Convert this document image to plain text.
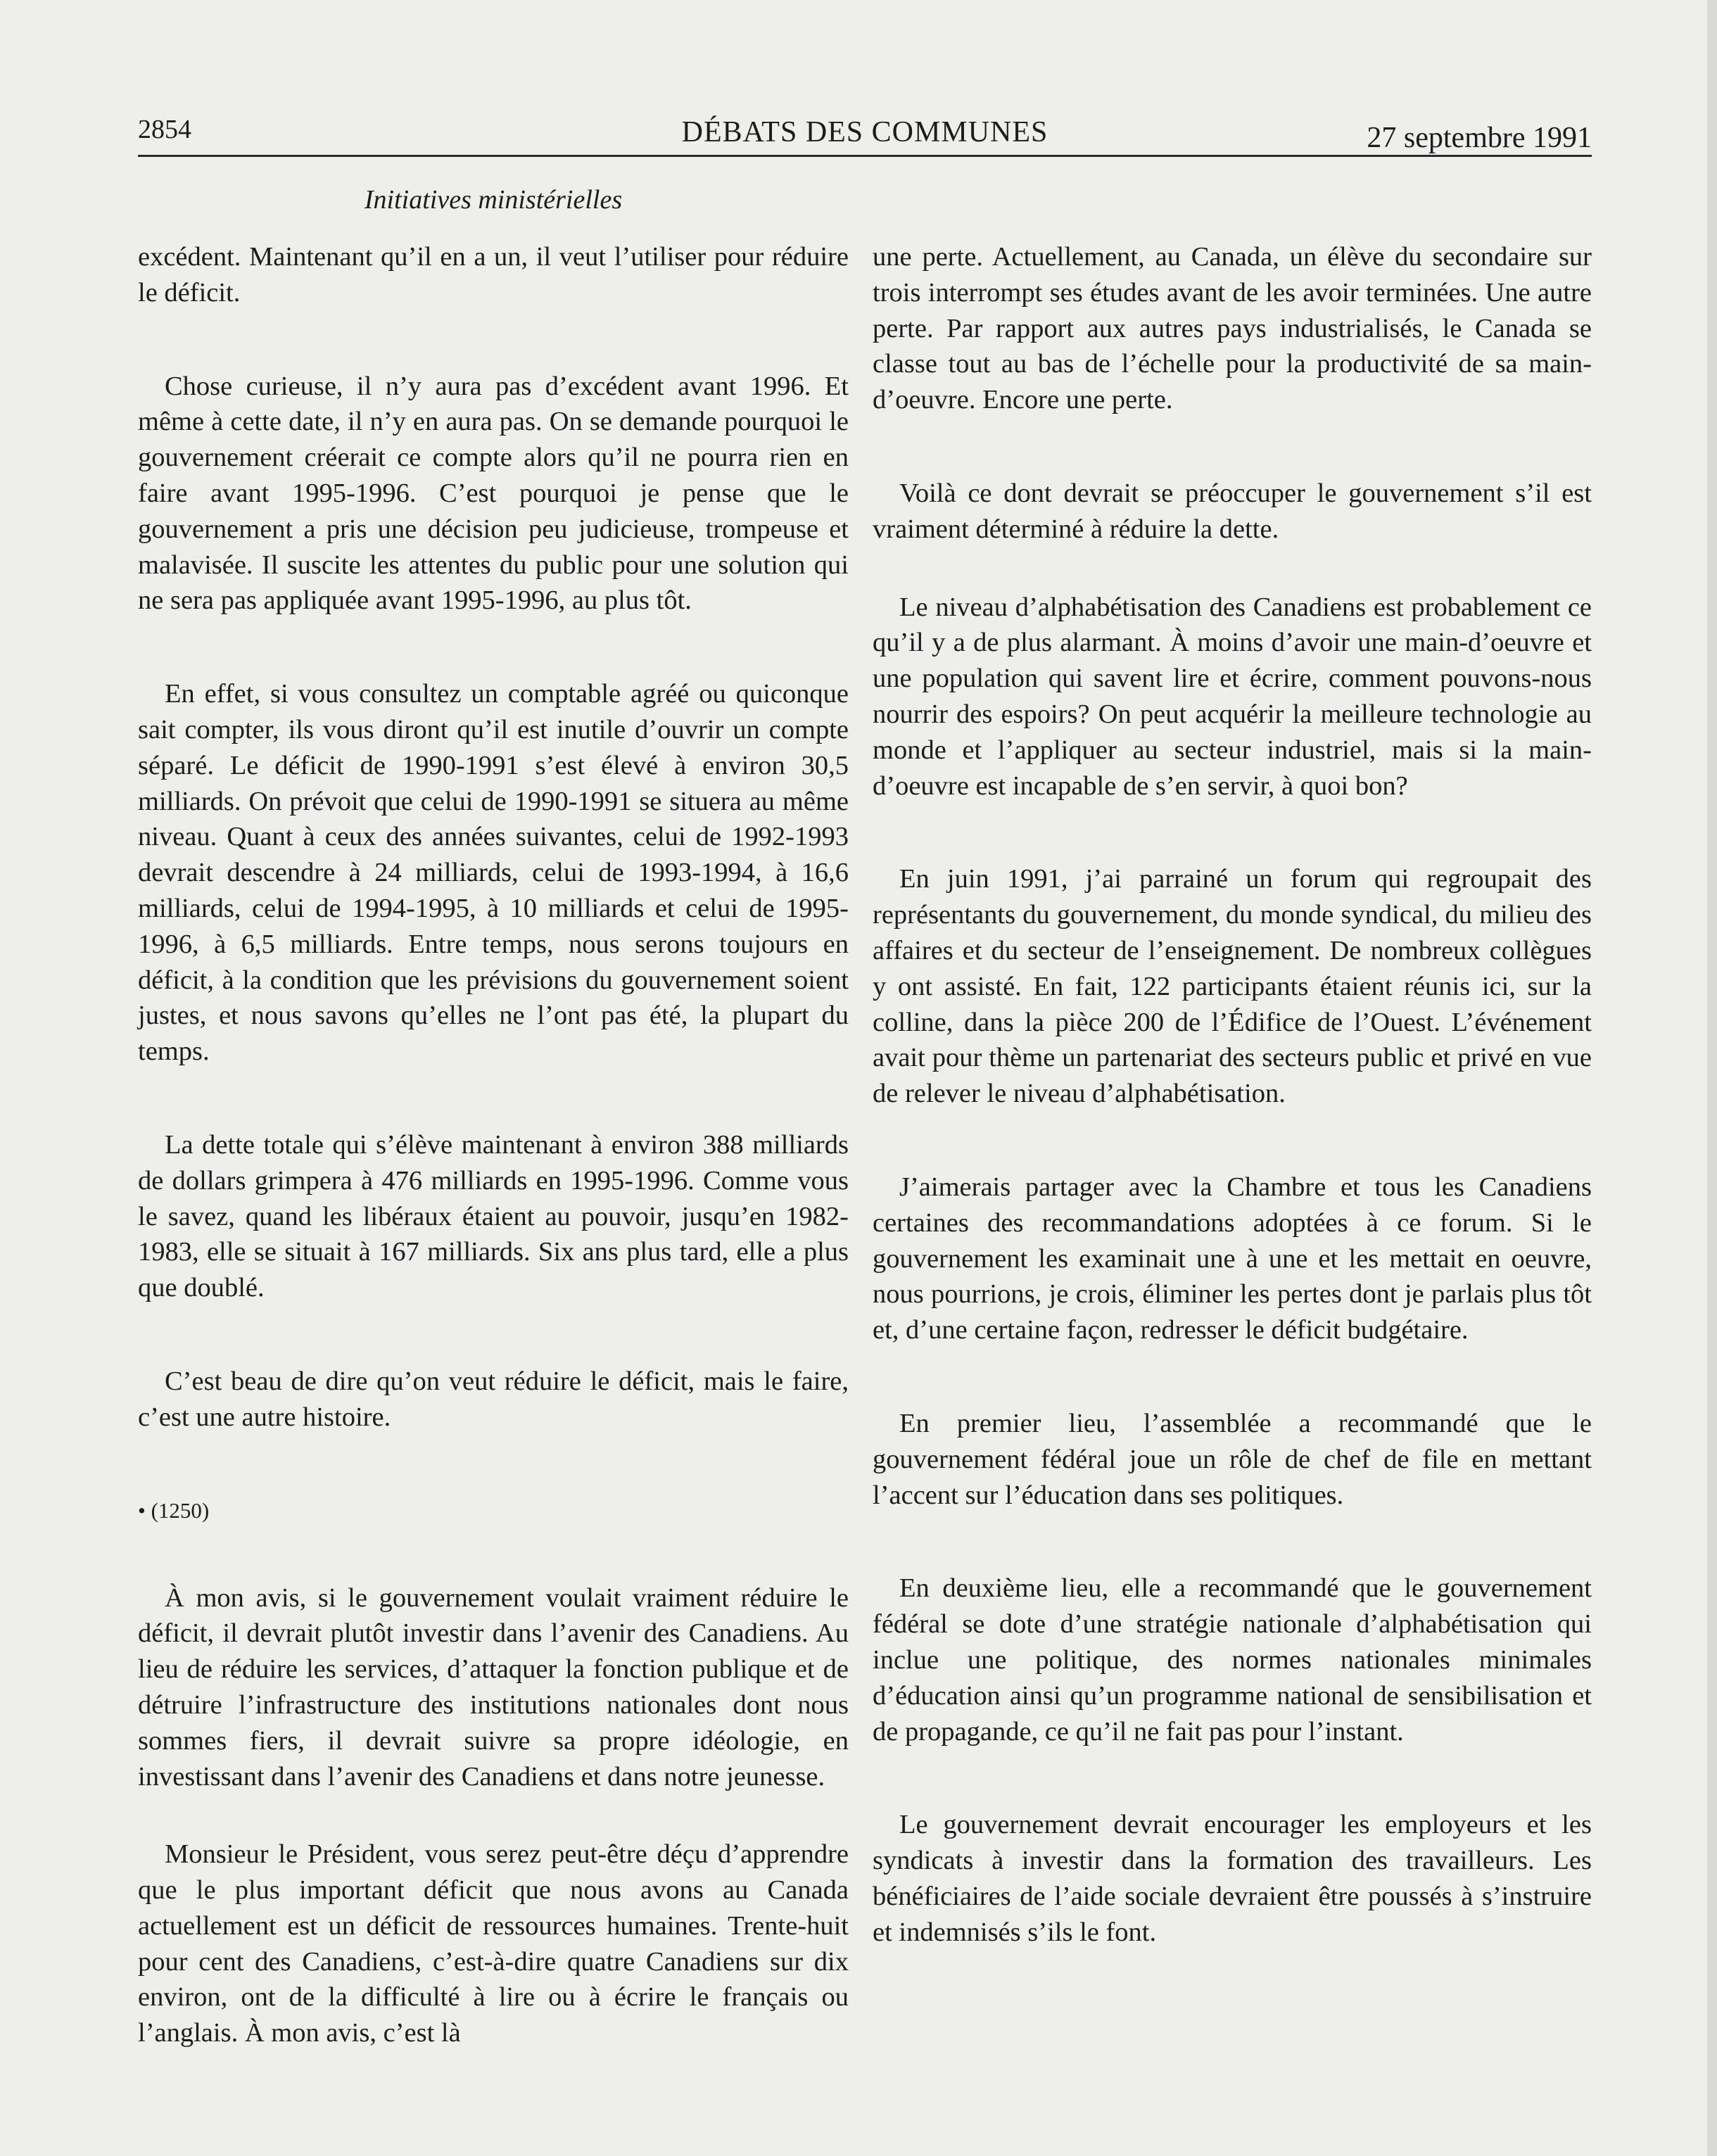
2854	DÉBATS DES COMMUNES	27 septembre 1991
Initiatives ministérielles

excédent. Maintenant qu’il en a un, il veut l’utiliser pour réduire le déficit.

Chose curieuse, il n’y aura pas d’excédent avant 1996. Et même à cette date, il n’y en aura pas. On se demande pourquoi le gouvernement créerait ce compte alors qu’il ne pourra rien en faire avant 1995-1996. C’est pourquoi je pense que le gouvernement a pris une décision peu judicieuse, trompeuse et malavisée. Il suscite les attentes du public pour une solution qui ne sera pas appliquée avant 1995-1996, au plus tôt.

En effet, si vous consultez un comptable agréé ou quiconque sait compter, ils vous diront qu’il est inutile d’ouvrir un compte séparé. Le déficit de 1990-1991 s’est élevé à environ 30,5 milliards. On prévoit que celui de 1990-1991 se situera au même niveau. Quant à ceux des années suivantes, celui de 1992-1993 devrait descendre à 24 milliards, celui de 1993-1994, à 16,6 milliards, celui de 1994-1995, à 10 milliards et celui de 1995-1996, à 6,5 milliards. Entre temps, nous serons toujours en déficit, à la condition que les prévisions du gouvernement soient justes, et nous savons qu’elles ne l’ont pas été, la plupart du temps.

La dette totale qui s’élève maintenant à environ 388 milliards de dollars grimpera à 476 milliards en 1995-1996. Comme vous le savez, quand les libéraux étaient au pouvoir, jusqu’en 1982-1983, elle se situait à 167 milliards. Six ans plus tard, elle a plus que doublé.

C’est beau de dire qu’on veut réduire le déficit, mais le faire, c’est une autre histoire.

• (1250)

À mon avis, si le gouvernement voulait vraiment réduire le déficit, il devrait plutôt investir dans l’avenir des Canadiens. Au lieu de réduire les services, d’attaquer la fonction publique et de détruire l’infrastructure des institutions nationales dont nous sommes fiers, il devrait suivre sa propre idéologie, en investissant dans l’avenir des Canadiens et dans notre jeunesse.

Monsieur le Président, vous serez peut-être déçu d’apprendre que le plus important déficit que nous avons au Canada actuellement est un déficit de ressources humaines. Trente-huit pour cent des Canadiens, c’est-à-dire quatre Canadiens sur dix environ, ont de la difficulté à lire ou à écrire le français ou l’anglais. À mon avis, c’est là

une perte. Actuellement, au Canada, un élève du secondaire sur trois interrompt ses études avant de les avoir terminées. Une autre perte. Par rapport aux autres pays industrialisés, le Canada se classe tout au bas de l’échelle pour la productivité de sa main-d’oeuvre. Encore une perte.

Voilà ce dont devrait se préoccuper le gouvernement s’il est vraiment déterminé à réduire la dette.

Le niveau d’alphabétisation des Canadiens est probablement ce qu’il y a de plus alarmant. À moins d’avoir une main-d’oeuvre et une population qui savent lire et écrire, comment pouvons-nous nourrir des espoirs? On peut acquérir la meilleure technologie au monde et l’appliquer au secteur industriel, mais si la main-d’oeuvre est incapable de s’en servir, à quoi bon?

En juin 1991, j’ai parrainé un forum qui regroupait des représentants du gouvernement, du monde syndical, du milieu des affaires et du secteur de l’enseignement. De nombreux collègues y ont assisté. En fait, 122 participants étaient réunis ici, sur la colline, dans la pièce 200 de l’Édifice de l’Ouest. L’événement avait pour thème un partenariat des secteurs public et privé en vue de relever le niveau d’alphabétisation.

J’aimerais partager avec la Chambre et tous les Canadiens certaines des recommandations adoptées à ce forum. Si le gouvernement les examinait une à une et les mettait en oeuvre, nous pourrions, je crois, éliminer les pertes dont je parlais plus tôt et, d’une certaine façon, redresser le déficit budgétaire.

En premier lieu, l’assemblée a recommandé que le gouvernement fédéral joue un rôle de chef de file en mettant l’accent sur l’éducation dans ses politiques.

En deuxième lieu, elle a recommandé que le gouvernement fédéral se dote d’une stratégie nationale d’alphabétisation qui inclue une politique, des normes nationales minimales d’éducation ainsi qu’un programme national de sensibilisation et de propagande, ce qu’il ne fait pas pour l’instant.

Le gouvernement devrait encourager les employeurs et les syndicats à investir dans la formation des travailleurs. Les bénéficiaires de l’aide sociale devraient être poussés à s’instruire et indemnisés s’ils le font.
